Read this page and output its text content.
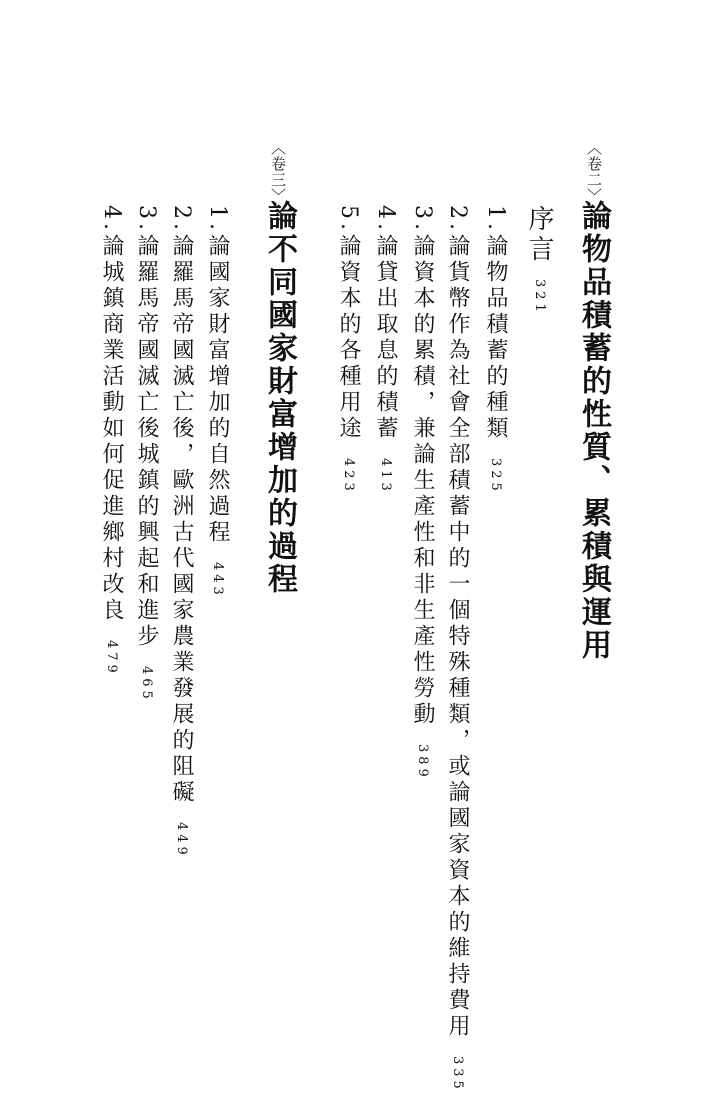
〈卷二〉
論物品積蓄的性質、累積與運用
序言321
1.論物品積蓄的種類325
2.論貨幣作為社會全部積蓄中的一個特殊種類，或論國家資本的維持費用335
3.論資本的累積，兼論生產性和非生產性勞動389
4.論貸出取息的積蓄413
5.論資本的各種用途423
〈卷三〉
論不同國家財富增加的過程
1.論國家財富增加的自然過程443
2.論羅馬帝國滅亡後，歐洲古代國家農業發展的阻礙449
3.論羅馬帝國滅亡後城鎮的興起和進步465
4.論城鎮商業活動如何促進鄉村改良479
